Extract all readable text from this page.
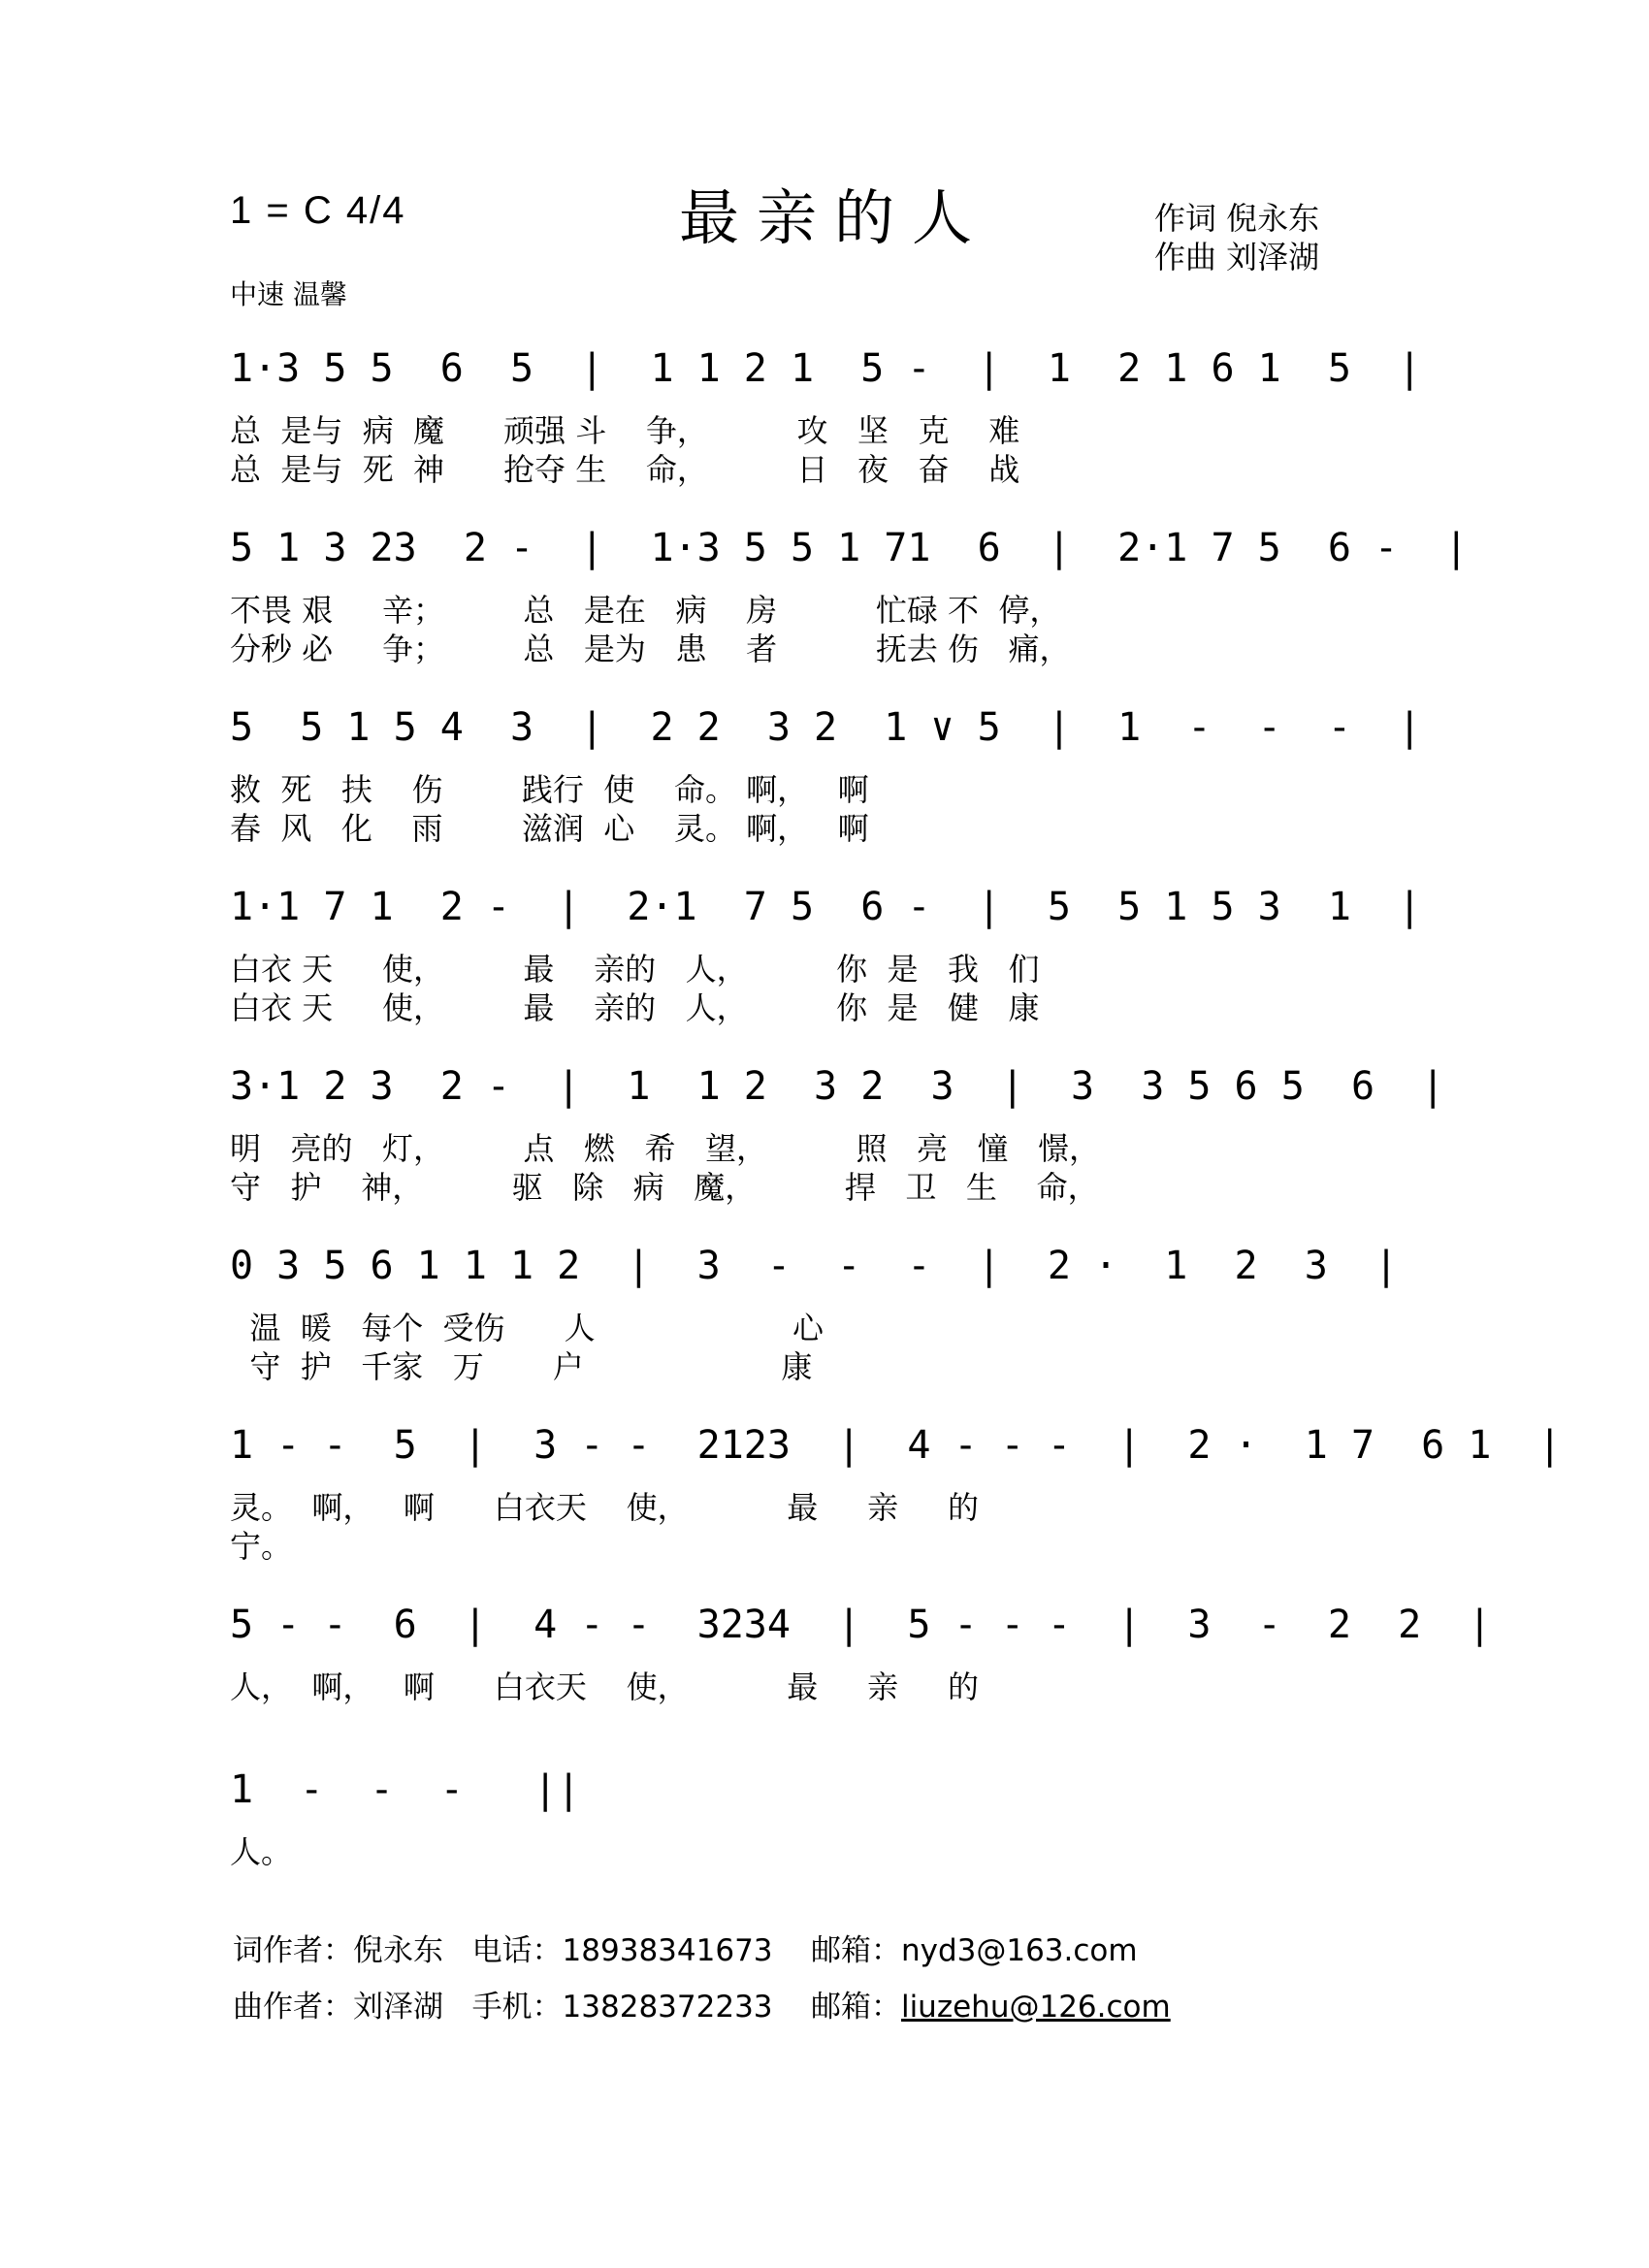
1 = C 4/4	最亲的人	作词 倪永东
作曲 刘泽湖
中速 温馨
1·3 5 5  6  5  |  1 1 2 1  5 -  |  1  2 1 6 1  5  |
总  是与  病  魔      顽强 斗    争，         攻   坚   克    难
总  是与  死  神      抢夺 生    命，         日   夜   奋    战
5 1 3 23  2 -  |  1·3 5 5 1 71  6  |  2·1 7 5  6 -  |
不畏 艰     辛；        总   是在   病    房          忙碌 不  停，
分秒 必     争；        总   是为   患    者          抚去 伤   痛，
5  5 1 5 4  3  |  2 2  3 2  1 ∨ 5  |  1  -  -  -  |
救  死   扶    伤        践行  使    命。 啊，   啊
春  风   化    雨        滋润  心    灵。 啊，   啊
1·1 7 1  2 -  |  2·1  7 5  6 -  |  5  5 1 5 3  1  |
白衣 天     使，        最    亲的   人，         你  是   我   们
白衣 天     使，        最    亲的   人，         你  是   健   康
3·1 2 3  2 -  |  1  1 2  3 2  3  |  3  3 5 6 5  6  |
明   亮的   灯，        点   燃   希   望，         照   亮   憧   憬，
守   护    神，         驱   除   病   魔，         捍   卫   生    命，
0 3 5 6 1 1 1 2  |  3  -  -  -  |  2 ·  1  2  3  |
温  暖   每个  受伤      人                    心
守  护   千家   万       户                    康
1 - -  5  |  3 - -  2123  |  4 - - -  |  2 ·  1 7  6 1  |
灵。  啊，   啊      白衣天    使，          最     亲     的
宁。
5 - -  6  |  4 - -  3234  |  5 - - -  |  3  -  2  2  |
人，  啊，   啊      白衣天    使，          最     亲     的
1  -  -  -   ||
人。
词作者：倪永东 电话：18938341673 邮箱：nyd3@163.com
曲作者：刘泽湖 手机：13828372233 邮箱：liuzehu@126.com
